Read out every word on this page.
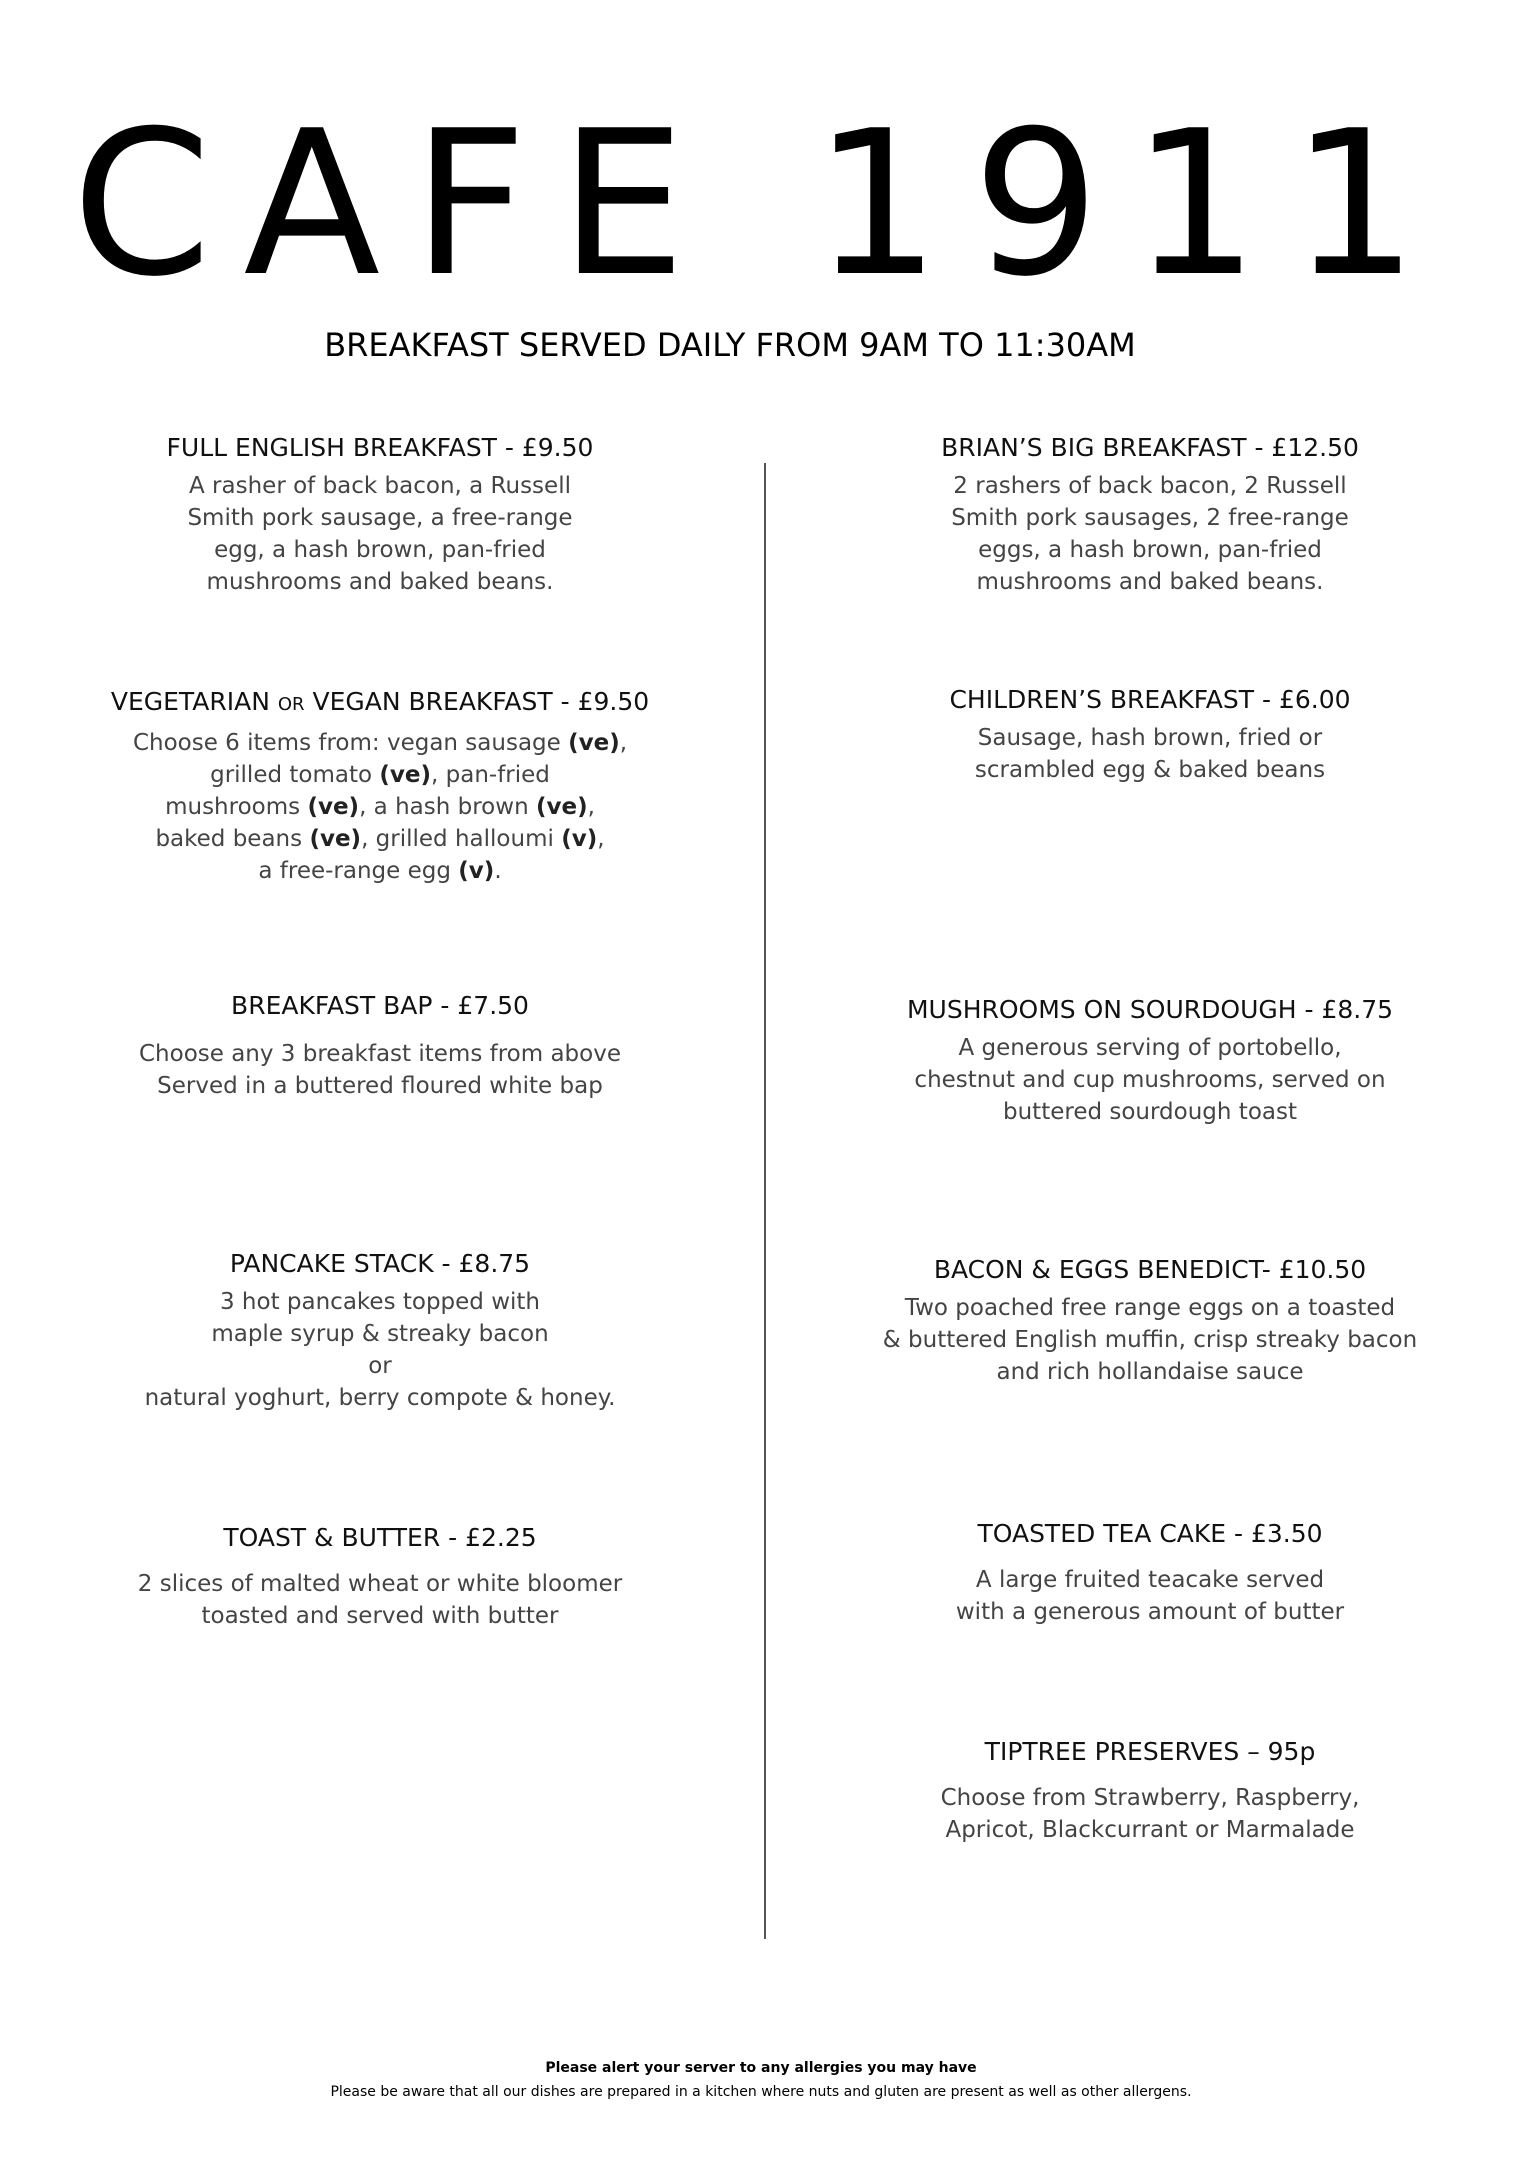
CAFE 1911
BREAKFAST SERVED DAILY FROM 9AM TO 11:30AM
FULL ENGLISH BREAKFAST - £9.50
A rasher of back bacon, a Russell
Smith pork sausage, a free-range
egg, a hash brown, pan-fried
mushrooms and baked beans.
VEGETARIAN OR VEGAN BREAKFAST - £9.50
Choose 6 items from: vegan sausage (ve),
grilled tomato (ve), pan-fried
mushrooms (ve), a hash brown (ve),
baked beans (ve), grilled halloumi (v),
a free-range egg (v).
BREAKFAST BAP - £7.50
Choose any 3 breakfast items from above
Served in a buttered floured white bap
PANCAKE STACK - £8.75
3 hot pancakes topped with
maple syrup & streaky bacon
or
natural yoghurt, berry compote & honey.
TOAST & BUTTER - £2.25
2 slices of malted wheat or white bloomer
toasted and served with butter
BRIAN’S BIG BREAKFAST - £12.50
2 rashers of back bacon, 2 Russell
Smith pork sausages, 2 free-range
eggs, a hash brown, pan-fried
mushrooms and baked beans.
CHILDREN’S BREAKFAST - £6.00
Sausage, hash brown, fried or
scrambled egg & baked beans
MUSHROOMS ON SOURDOUGH - £8.75
A generous serving of portobello,
chestnut and cup mushrooms, served on
buttered sourdough toast
BACON & EGGS BENEDICT- £10.50
Two poached free range eggs on a toasted
& buttered English muffin, crisp streaky bacon
and rich hollandaise sauce
TOASTED TEA CAKE - £3.50
A large fruited teacake served
with a generous amount of butter
TIPTREE PRESERVES – 95p
Choose from Strawberry, Raspberry,
Apricot, Blackcurrant or Marmalade
Please alert your server to any allergies you may have
Please be aware that all our dishes are prepared in a kitchen where nuts and gluten are present as well as other allergens.
